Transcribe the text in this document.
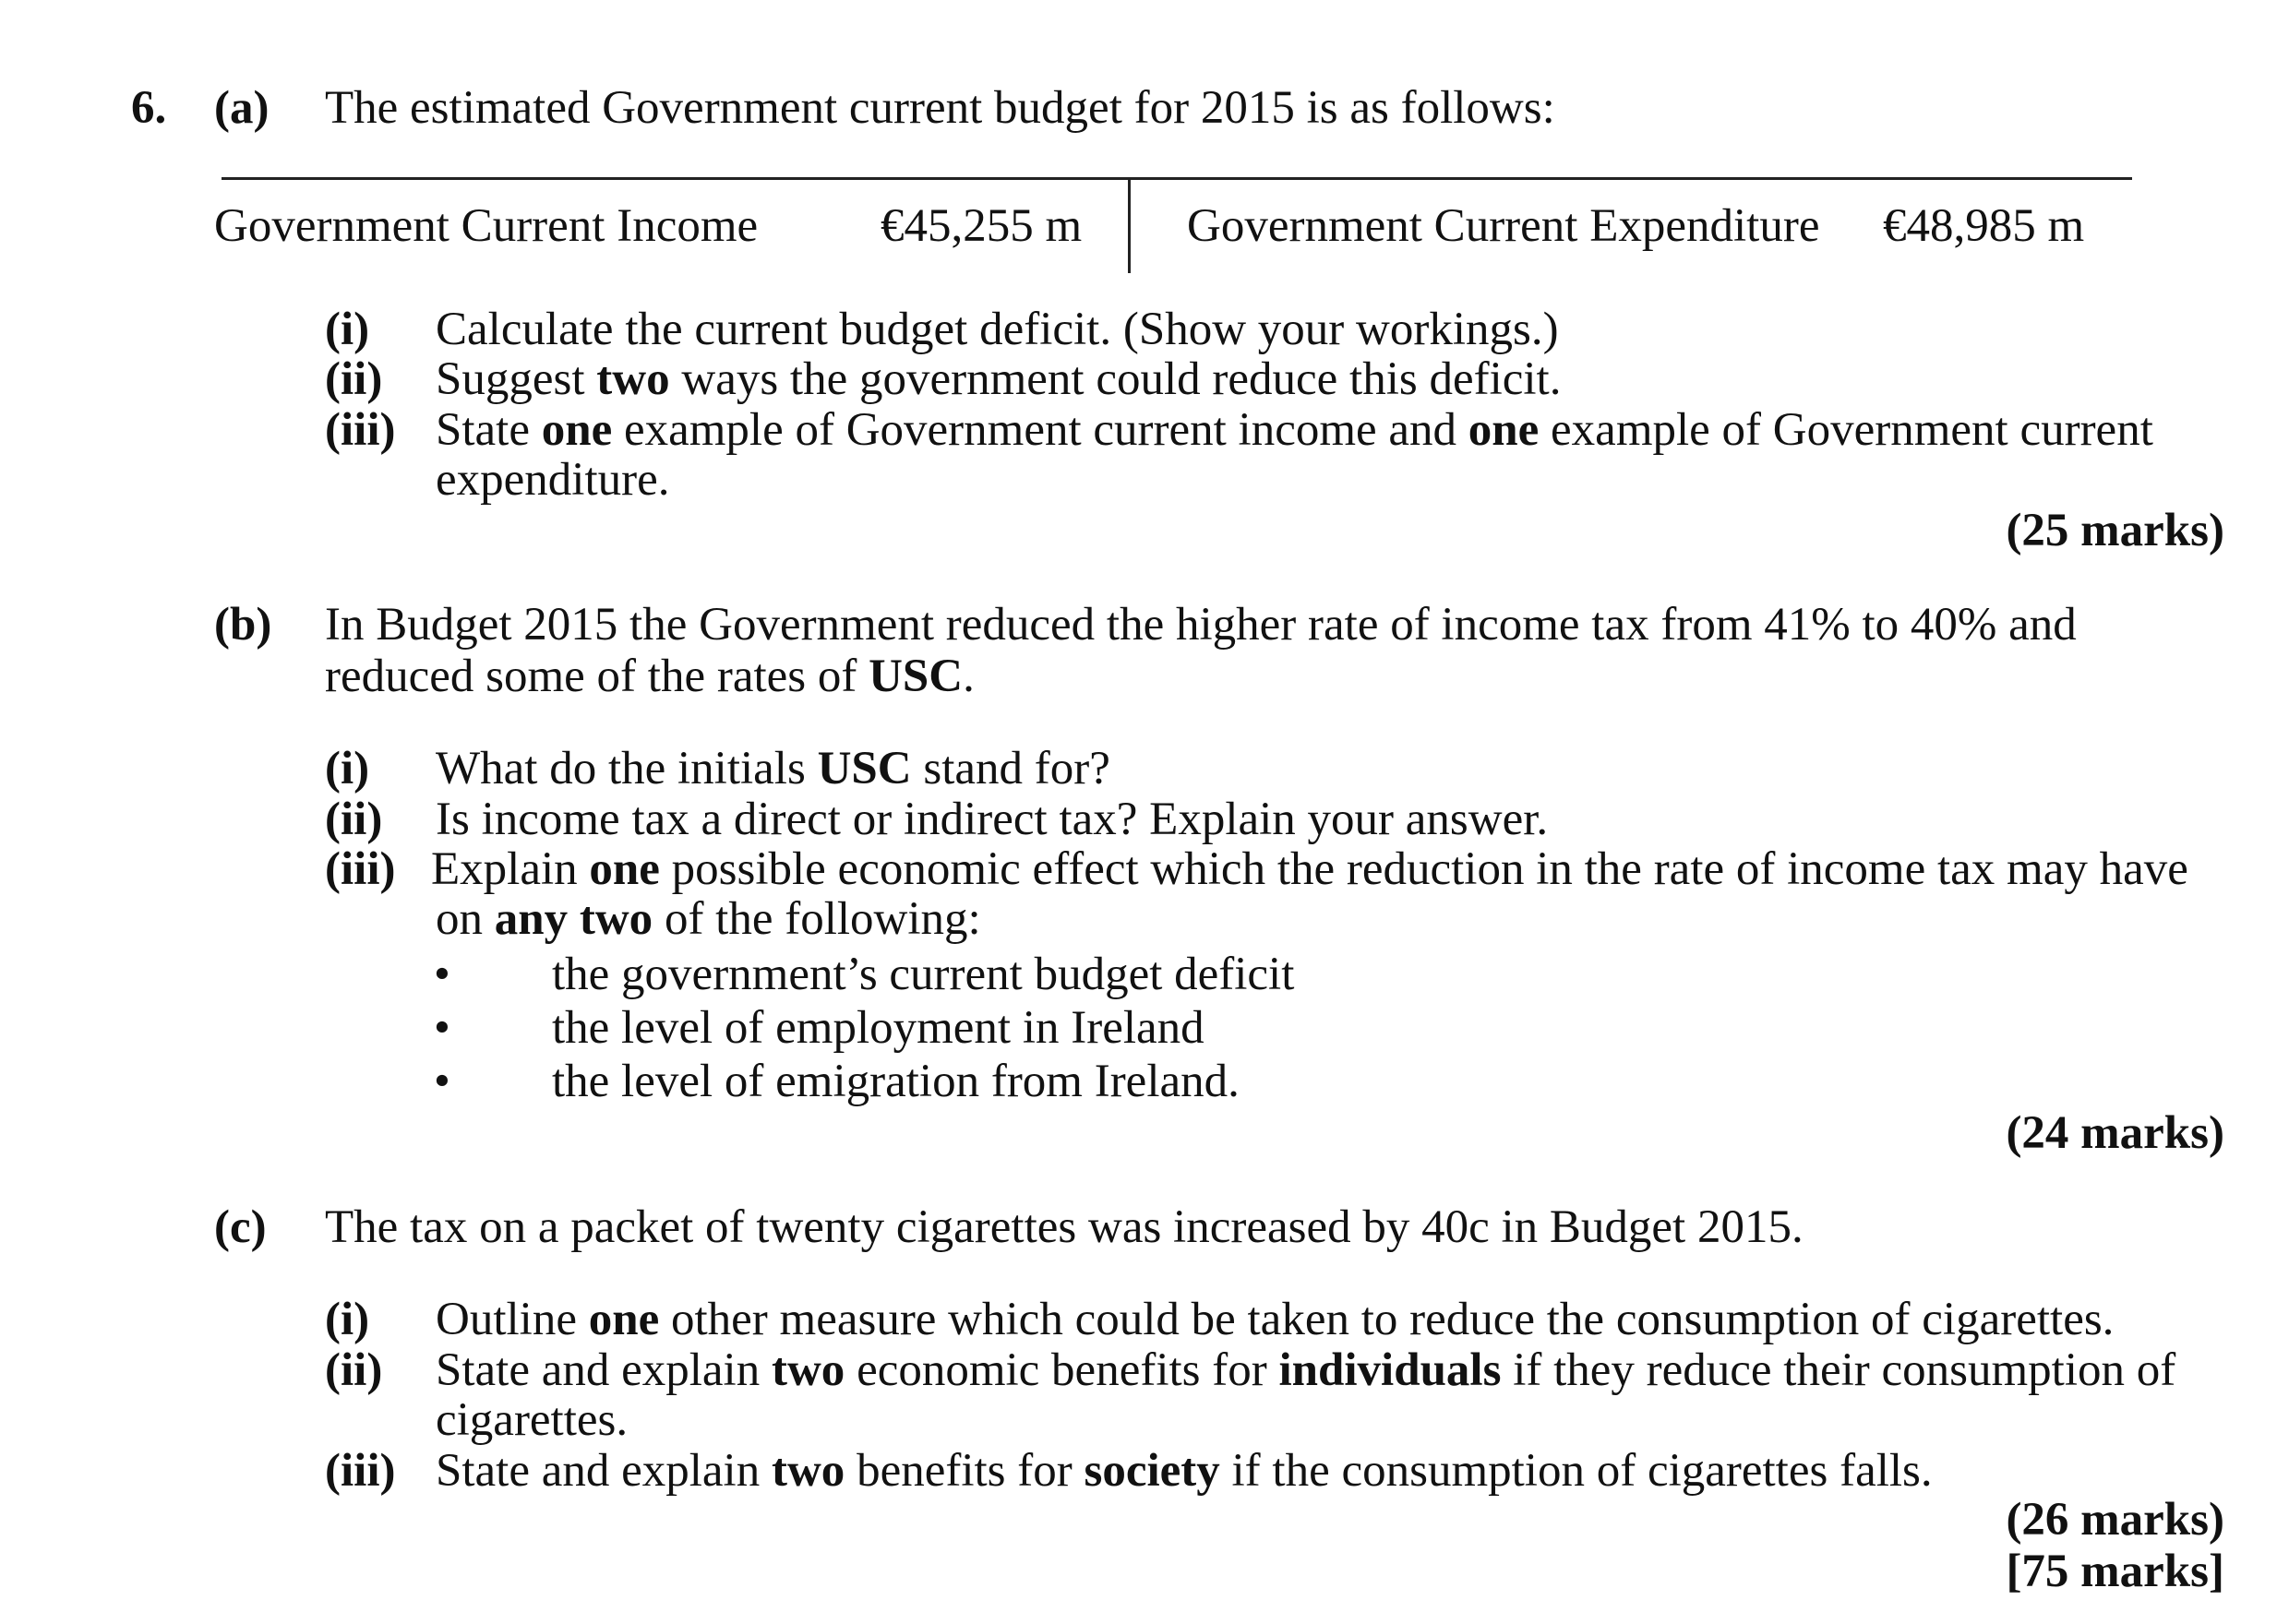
6. (a) The estimated Government current budget for 2015 is as follows:
Government Current Income	€45,255 m Government Current Expenditure €48,985 m
(i) Calculate the current budget deficit. (Show your workings.)
(ii) Suggest two ways the government could reduce this deficit.
(iii) State one example of Government current income and one example of Government current
expenditure.
(25 marks)
(b) In Budget 2015 the Government reduced the higher rate of income tax from 41% to 40% and
reduced some of the rates of USC.
(i) What do the initials USC stand for?
(ii) Is income tax a direct or indirect tax? Explain your answer.
(iii) Explain one possible economic effect which the reduction in the rate of income tax may have
on any two of the following:
• the government’s current budget deficit
• the level of employment in Ireland
• the level of emigration from Ireland.
(24 marks)
(c) The tax on a packet of twenty cigarettes was increased by 40c in Budget 2015.
(i) Outline one other measure which could be taken to reduce the consumption of cigarettes.
(ii) State and explain two economic benefits for individuals if they reduce their consumption of
cigarettes.
(iii) State and explain two benefits for society if the consumption of cigarettes falls.
(26 marks)
[75 marks]
